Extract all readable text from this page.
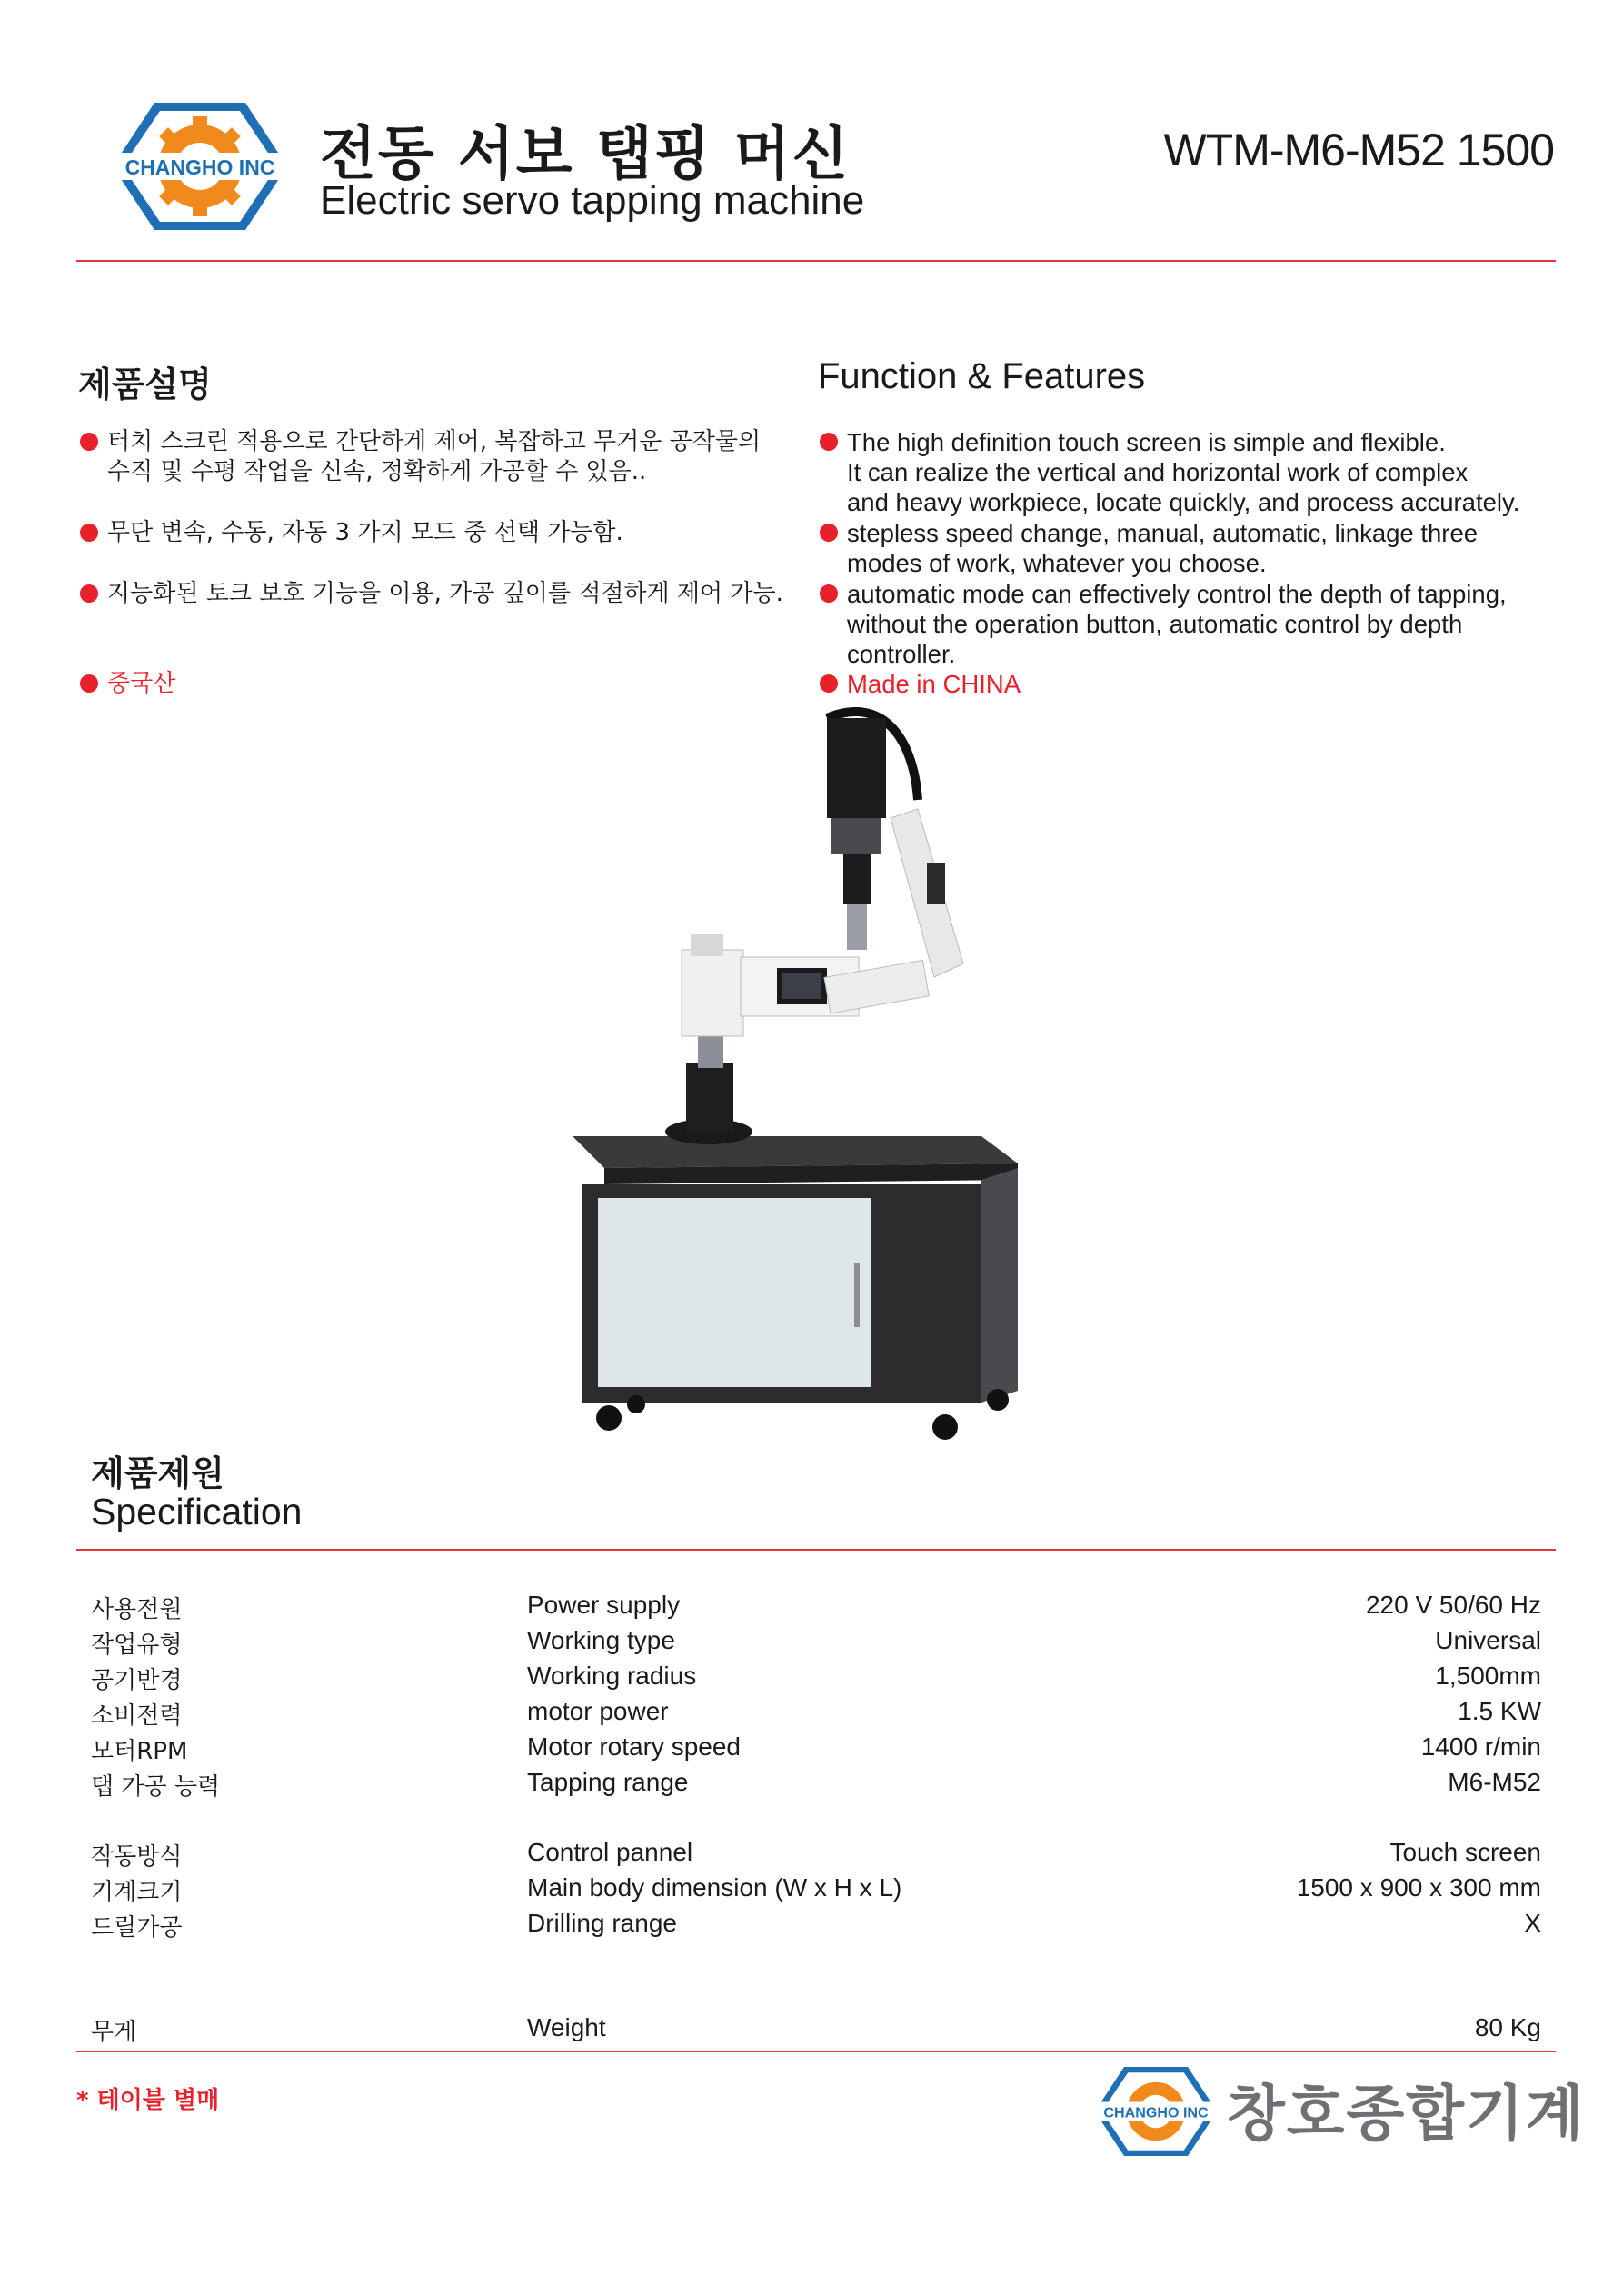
CHANGHO INC 전동 서보 탭핑 머신
Electric servo tapping machine
WTM-M6-M52 1500
제품설명
터치 스크린 적용으로 간단하게 제어, 복잡하고 무거운 공작물의
수직 및 수평 작업을 신속, 정확하게 가공할 수 있음..
무단 변속, 수동, 자동 3 가지 모드 중 선택 가능함.
지능화된 토크 보호 기능을 이용, 가공 깊이를 적절하게 제어 가능.
중국산
Function & Features
The high definition touch screen is simple and flexible.
It can realize the vertical and horizontal work of complex
and heavy workpiece, locate quickly, and process accurately.
stepless speed change, manual, automatic, linkage three
modes of work, whatever you choose.
automatic mode can effectively control the depth of tapping,
without the operation button, automatic control by depth
controller.
Made in CHINA
제품제원
Specification
사용전원	Power supply	220 V 50/60 Hz
작업유형	Working type	Universal
공기반경	Working radius	1,500mm
소비전력	motor power	1.5 KW
모터RPM	Motor rotary speed	1400 r/min
탭 가공 능력	Tapping range	M6-M52
작동방식	Control pannel	Touch screen
기계크기	Main body dimension (W x H x L)	1500 x 900 x 300 mm
드릴가공	Drilling range	X
무게	Weight	80 Kg
* 테이블 별매	CHANGHO INC 창호종합기계
